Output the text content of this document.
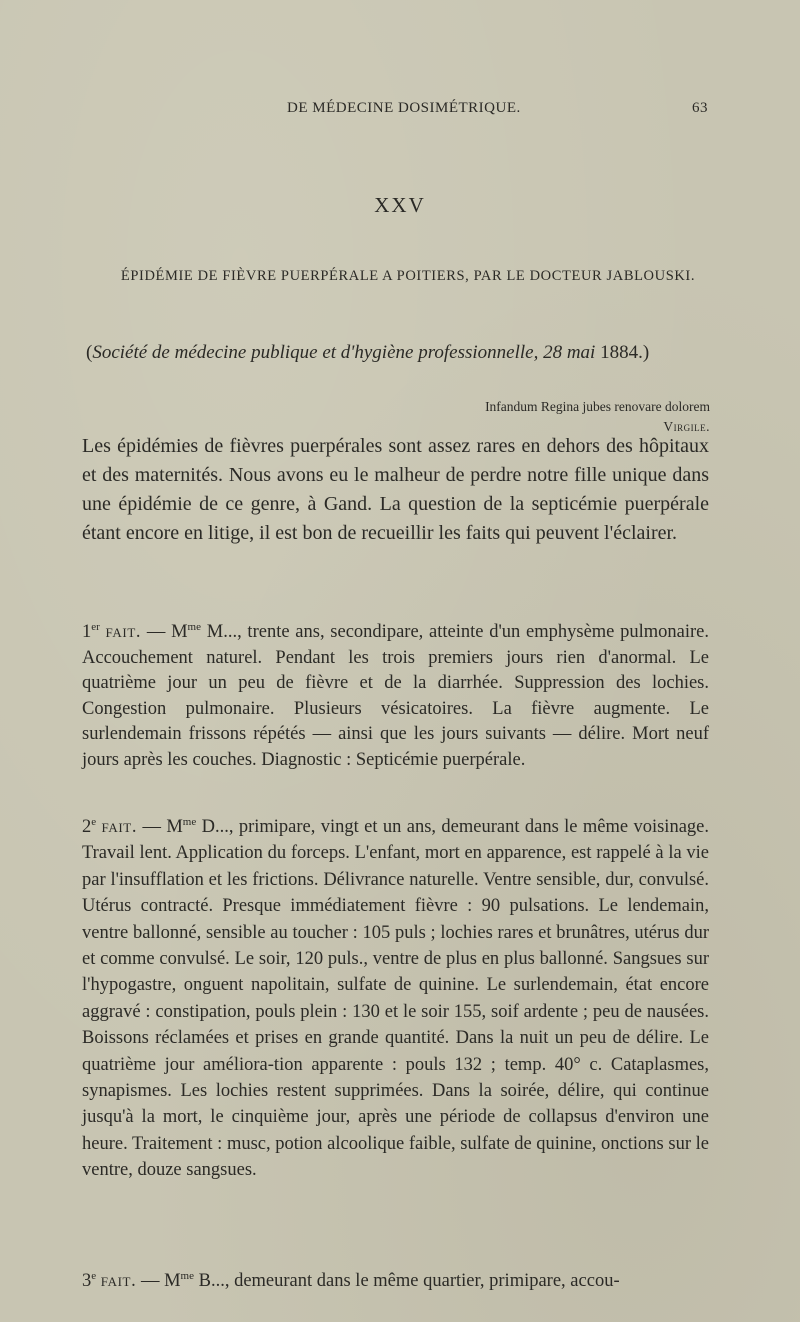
DE MÉDECINE DOSIMÉTRIQUE.	63
XXV
ÉPIDÉMIE DE FIÈVRE PUERPÉRALE A POITIERS, PAR LE DOCTEUR JABLOUSKI.
(Société de médecine publique et d'hygiène professionnelle, 28 mai 1884.)
Infandum Regina jubes renovare dolorem
Virgile.
Les épidémies de fièvres puerpérales sont assez rares en dehors des hôpitaux et des maternités. Nous avons eu le malheur de perdre notre fille unique dans une épidémie de ce genre, à Gand. La question de la septicémie puerpérale étant encore en litige, il est bon de recueillir les faits qui peuvent l'éclairer.
1er fait. — $M^{me}$ M..., trente ans, secondipare, atteinte d'un emphysème pulmonaire. Accouchement naturel. Pendant les trois premiers jours rien d'anormal. Le quatrième jour un peu de fièvre et de la diarrhée. Suppression des lochies. Congestion pulmonaire. Plusieurs vésicatoires. La fièvre augmente. Le surlendemain frissons répétés — ainsi que les jours suivants — délire. Mort neuf jours après les couches. Diagnostic : Septicémie puerpérale.
2e fait. — $M^{me}$ D..., primipare, vingt et un ans, demeurant dans le même voisinage. Travail lent. Application du forceps. L'enfant, mort en apparence, est rappelé à la vie par l'insufflation et les frictions. Délivrance naturelle. Ventre sensible, dur, convulsé. Utérus contracté. Presque immédiatement fièvre : 90 pulsations. Le lendemain, ventre ballonné, sensible au toucher : 105 puls ; lochies rares et brunâtres, utérus dur et comme convulsé. Le soir, 120 puls., ventre de plus en plus ballonné. Sangsues sur l'hypogastre, onguent napolitain, sulfate de quinine. Le surlendemain, état encore aggravé : constipation, pouls plein : 130 et le soir 155, soif ardente ; peu de nausées. Boissons réclamées et prises en grande quantité. Dans la nuit un peu de délire. Le quatrième jour améliora-tion apparente : pouls 132 ; temp. 40° c. Cataplasmes, synapismes. Les lochies restent supprimées. Dans la soirée, délire, qui continue jusqu'à la mort, le cinquième jour, après une période de collapsus d'environ une heure. Traitement : musc, potion alcoolique faible, sulfate de quinine, onctions sur le ventre, douze sangsues.
3e fait. — $M^{me}$ B..., demeurant dans le même quartier, primipare, accou-
